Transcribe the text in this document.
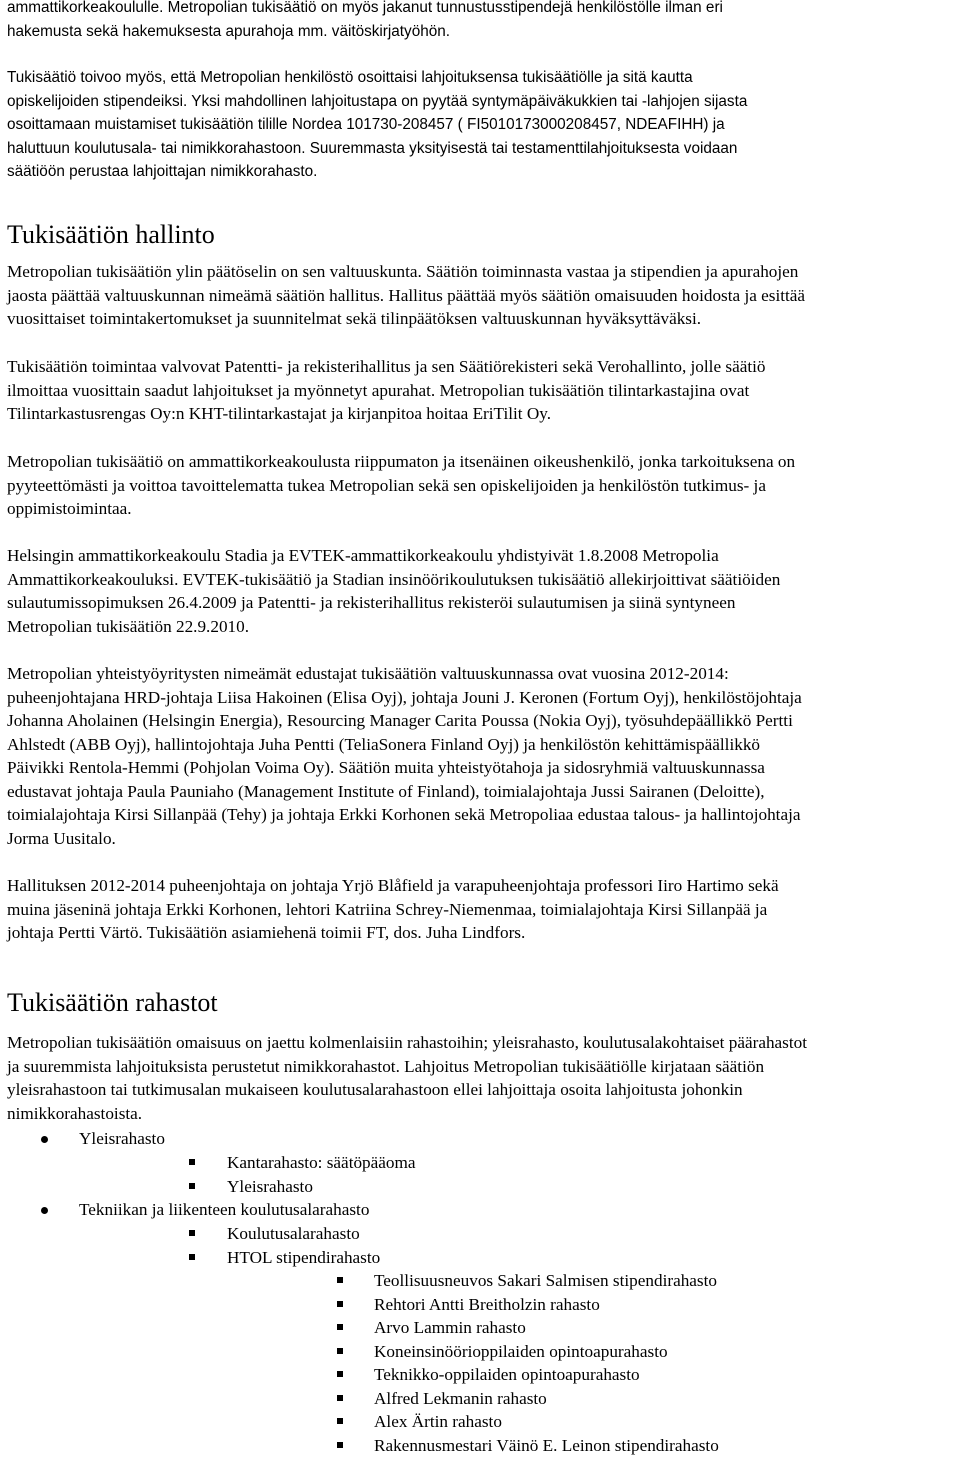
ammattikorkeakoululle. Metropolian tukisäätiö on myös jakanut tunnustusstipendejä henkilöstölle ilman eri
hakemusta sekä hakemuksesta apurahoja mm. väitöskirjatyöhön.
Tukisäätiö toivoo myös, että Metropolian henkilöstö osoittaisi lahjoituksensa tukisäätiölle ja sitä kautta
opiskelijoiden stipendeiksi. Yksi mahdollinen lahjoitustapa on pyytää syntymäpäiväkukkien tai -lahjojen sijasta
osoittamaan muistamiset tukisäätiön tilille Nordea 101730-208457 ( FI5010173000208457, NDEAFIHH) ja
haluttuun koulutusala- tai nimikkorahastoon. Suuremmasta yksityisestä tai testamenttilahjoituksesta voidaan
säätiöön perustaa lahjoittajan nimikkorahasto.
Tukisäätiön hallinto
Metropolian tukisäätiön ylin päätöselin on sen valtuuskunta. Säätiön toiminnasta vastaa ja stipendien ja apurahojen
jaosta päättää valtuuskunnan nimeämä säätiön hallitus. Hallitus päättää myös säätiön omaisuuden hoidosta ja esittää
vuosittaiset toimintakertomukset ja suunnitelmat sekä tilinpäätöksen valtuuskunnan hyväksyttäväksi.
Tukisäätiön toimintaa valvovat Patentti- ja rekisterihallitus ja sen Säätiörekisteri sekä Verohallinto, jolle säätiö
ilmoittaa vuosittain saadut lahjoitukset ja myönnetyt apurahat. Metropolian tukisäätiön tilintarkastajina ovat
Tilintarkastusrengas Oy:n KHT-tilintarkastajat ja kirjanpitoa hoitaa EriTilit Oy.
Metropolian tukisäätiö on ammattikorkeakoulusta riippumaton ja itsenäinen oikeushenkilö, jonka tarkoituksena on
pyyteettömästi ja voittoa tavoittelematta tukea Metropolian sekä sen opiskelijoiden ja henkilöstön tutkimus- ja
oppimistoimintaa.
Helsingin ammattikorkeakoulu Stadia ja EVTEK-ammattikorkeakoulu yhdistyivät 1.8.2008 Metropolia
Ammattikorkeakouluksi. EVTEK-tukisäätiö ja Stadian insinöörikoulutuksen tukisäätiö allekirjoittivat säätiöiden
sulautumissopimuksen 26.4.2009 ja Patentti- ja rekisterihallitus rekisteröi sulautumisen ja siinä syntyneen
Metropolian tukisäätiön 22.9.2010.
Metropolian yhteistyöyritysten nimeämät edustajat tukisäätiön valtuuskunnassa ovat vuosina 2012-2014:
puheenjohtajana HRD-johtaja Liisa Hakoinen (Elisa Oyj), johtaja Jouni J. Keronen (Fortum Oyj), henkilöstöjohtaja
Johanna Aholainen (Helsingin Energia), Resourcing Manager Carita Poussa (Nokia Oyj), työsuhdepäällikkö Pertti
Ahlstedt (ABB Oyj), hallintojohtaja Juha Pentti (TeliaSonera Finland Oyj) ja henkilöstön kehittämispäällikkö
Päivikki Rentola-Hemmi (Pohjolan Voima Oy). Säätiön muita yhteistyötahoja ja sidosryhmiä valtuuskunnassa
edustavat johtaja Paula Pauniaho (Management Institute of Finland), toimialajohtaja Jussi Sairanen (Deloitte),
toimialajohtaja Kirsi Sillanpää (Tehy) ja johtaja Erkki Korhonen sekä Metropoliaa edustaa talous- ja hallintojohtaja
Jorma Uusitalo.
Hallituksen 2012-2014 puheenjohtaja on johtaja Yrjö Blåfield ja varapuheenjohtaja professori Iiro Hartimo sekä
muina jäseninä johtaja Erkki Korhonen, lehtori Katriina Schrey-Niemenmaa, toimialajohtaja Kirsi Sillanpää ja
johtaja Pertti Värtö. Tukisäätiön asiamiehenä toimii FT, dos. Juha Lindfors.
Tukisäätiön rahastot
Metropolian tukisäätiön omaisuus on jaettu kolmenlaisiin rahastoihin; yleisrahasto, koulutusalakohtaiset päärahastot
ja suuremmista lahjoituksista perustetut nimikkorahastot. Lahjoitus Metropolian tukisäätiölle kirjataan säätiön
yleisrahastoon tai tutkimusalan mukaiseen koulutusalarahastoon ellei lahjoittaja osoita lahjoitusta johonkin
nimikkorahastoista.
Yleisrahasto
Kantarahasto: säätöpääoma
Yleisrahasto
Tekniikan ja liikenteen koulutusalarahasto
Koulutusalarahasto
HTOL stipendirahasto
Teollisuusneuvos Sakari Salmisen stipendirahasto
Rehtori Antti Breitholzin rahasto
Arvo Lammin rahasto
Koneinsinöörioppilaiden opintoapurahasto
Teknikko-oppilaiden opintoapurahasto
Alfred Lekmanin rahasto
Alex Ärtin rahasto
Rakennusmestari Väinö E. Leinon stipendirahasto
